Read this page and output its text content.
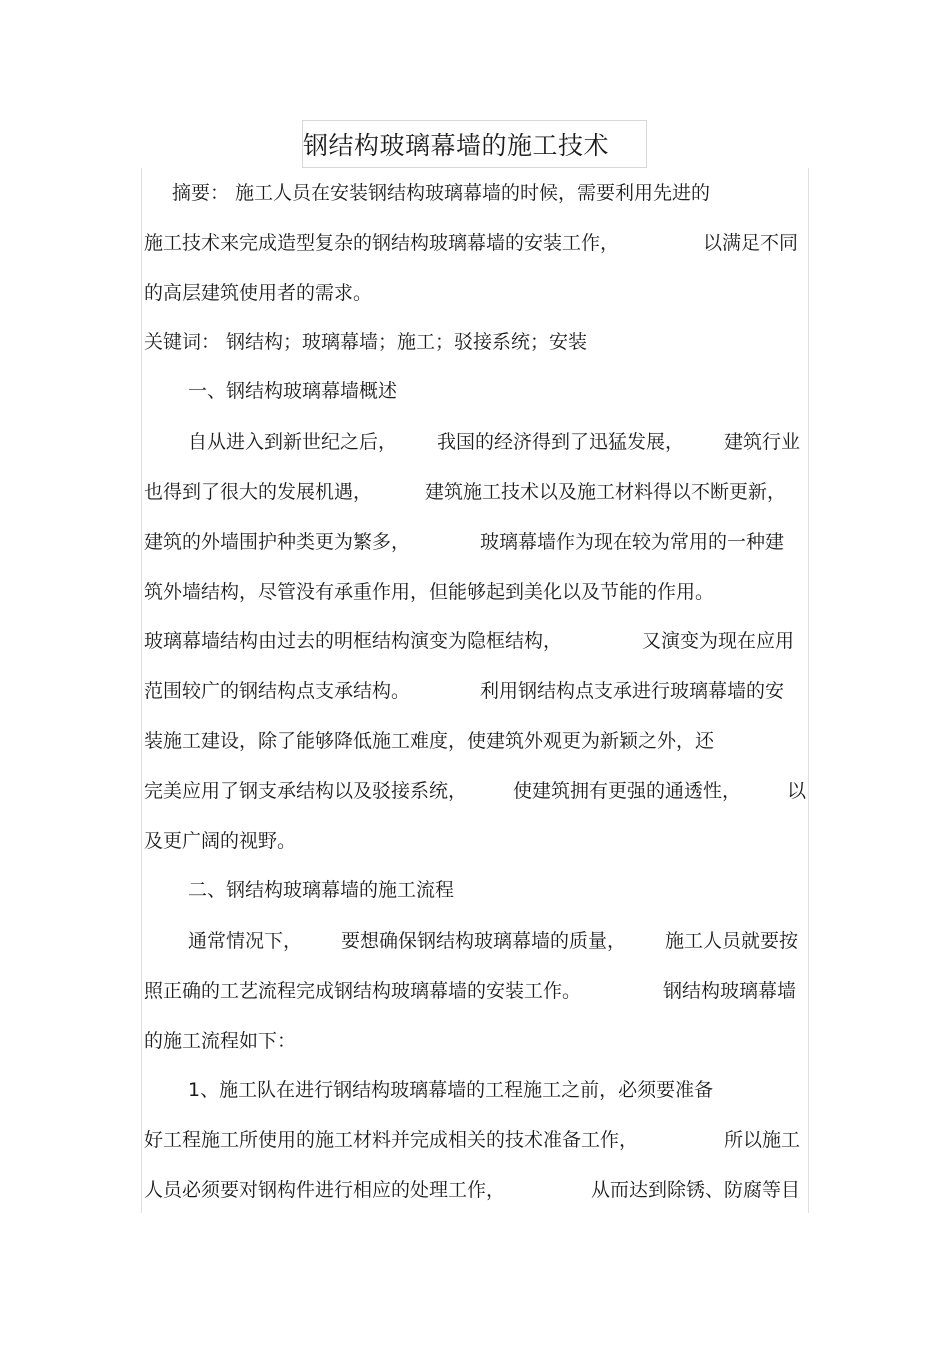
钢结构玻璃幕墙的施工技术
摘要： 施工人员在安装钢结构玻璃幕墙的时候，需要利用先进的
施工技术来完成造型复杂的钢结构玻璃幕墙的安装工作，	以满足不同
的高层建筑使用者的需求。
关键词： 钢结构；玻璃幕墙；施工；驳接系统；安装
一、钢结构玻璃幕墙概述
自从进入到新世纪之后， 我国的经济得到了迅猛发展， 建筑行业
也得到了很大的发展机遇，	建筑施工技术以及施工材料得以不断更新，
建筑的外墙围护种类更为繁多，	玻璃幕墙作为现在较为常用的一种建
筑外墙结构，尽管没有承重作用，但能够起到美化以及节能的作用。
玻璃幕墙结构由过去的明框结构演变为隐框结构，	又演变为现在应用
范围较广的钢结构点支承结构。	利用钢结构点支承进行玻璃幕墙的安
装施工建设，除了能够降低施工难度，使建筑外观更为新颖之外，还
完美应用了钢支承结构以及驳接系统， 使建筑拥有更强的通透性， 以
及更广阔的视野。
二、钢结构玻璃幕墙的施工流程
通常情况下， 要想确保钢结构玻璃幕墙的质量， 施工人员就要按
照正确的工艺流程完成钢结构玻璃幕墙的安装工作。	钢结构玻璃幕墙
的施工流程如下：
1、施工队在进行钢结构玻璃幕墙的工程施工之前，必须要准备
好工程施工所使用的施工材料并完成相关的技术准备工作，	所以施工
人员必须要对钢构件进行相应的处理工作，	从而达到除锈、防腐等目
